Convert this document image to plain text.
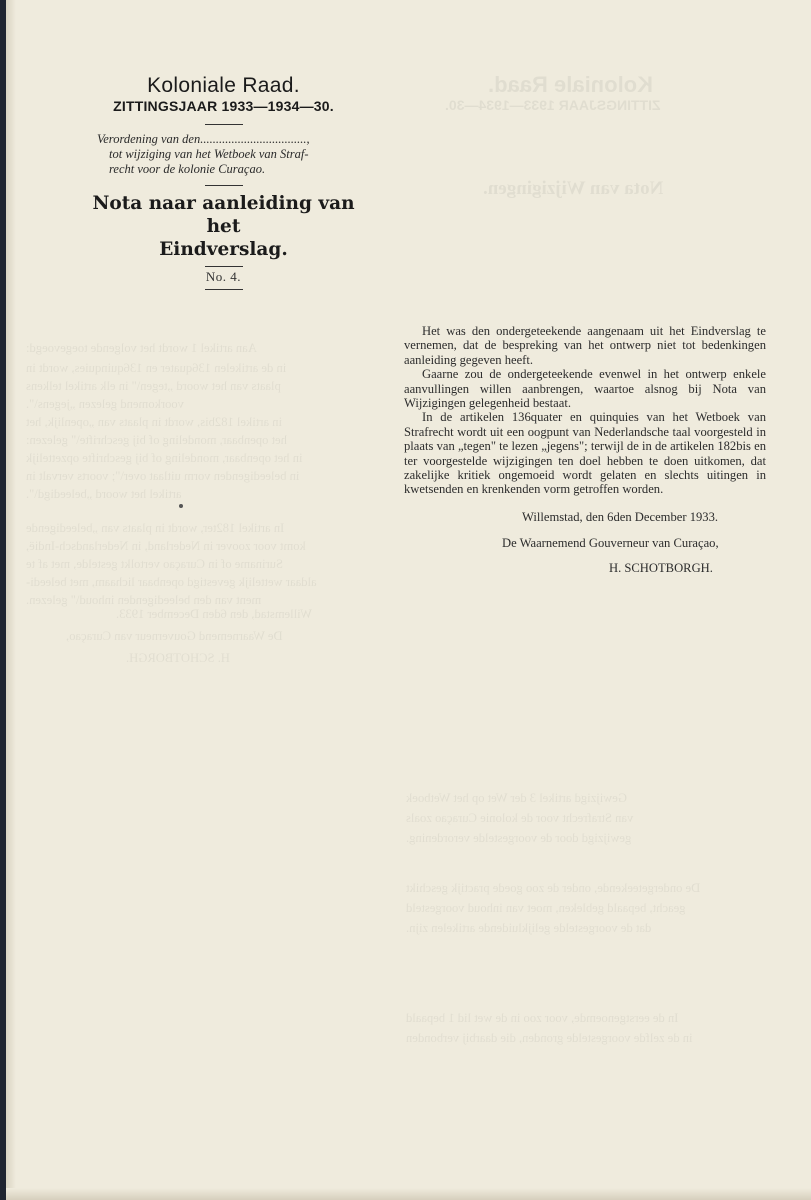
Koloniale Raad.
ZITTINGSJAAR 1933—1934—30.
Nota van Wijzigingen.
Aan artikel 1 wordt het volgende toegevoegd:
in de artikelen 136quater en 136quinquies, wordt in
plaats van het woord „tegen\" in elk artikel telkens
voorkomend gelezen „jegens\".
in artikel 182bis, wordt in plaats van „openlijk, het
het openbaar, mondeling of bij geschrifte\" gelezen:
in het openbaar, mondeling of bij geschrifte opzettelijk
in beleedigenden vorm uitlaat over\"; voorts vervalt in
artikel het woord „beleedigd\".
In artikel 182ter, wordt in plaats van „beleedigende
komt voor zoover in Nederland, in Nederlandsch-Indië,
Suriname of in Curaçao vertolkt gestelde, met af te
aldaar wettelijk gevestigd openbaar lichaam, met beleedi-
ment van den beleedigenden inhoud\" gelezen.
Willemstad, den 6den December 1933.
De Waarnemend Gouverneur van Curaçao,
H. SCHOTBORGH.
Gewijzigd artikel 3 der Wet op het Wetboek
van Strafrecht voor de kolonie Curaçao zoals
gewijzigd door de voorgestelde verordening.
De ondergeteekende, onder de zoo goede practijk geschikt
geacht, bepaald gebleken, moet van inhoud voorgesteld
dat de voorgestelde gelijkluidende artikelen zijn.
In de eerstgenoemde, voor zoo in de wet lid 1 bepaald
in de zelfde voorgestelde gronden, die daarbij verbonden
Koloniale Raad.
ZITTINGSJAAR 1933—1934—30.
Verordening van den..................................,
tot wijziging van het Wetboek van Straf-
recht voor de kolonie Curaçao.
Nota naar aanleiding van het
Eindverslag.
No. 4.

Het was den ondergeteekende aangenaam uit het Eindverslag te vernemen, dat de bespreking van het ontwerp niet tot bedenkingen aanleiding gegeven heeft.

Gaarne zou de ondergeteekende evenwel in het ontwerp enkele aanvullingen willen aanbrengen, waartoe alsnog bij Nota van Wijzigingen gelegenheid bestaat.

In de artikelen 136quater en quinquies van het Wetboek van Strafrecht wordt uit een oogpunt van Nederlandsche taal voorgesteld in plaats van „tegen" te lezen „jegens"; terwijl de in de artikelen 182bis en ter voorgestelde wijzigingen ten doel hebben te doen uitkomen, dat zakelijke kritiek ongemoeid wordt gelaten en slechts uitingen in kwetsenden en krenkenden vorm getroffen worden.

Willemstad, den 6den December 1933.
De Waarnemend Gouverneur van Curaçao,
H. SCHOTBORGH.
